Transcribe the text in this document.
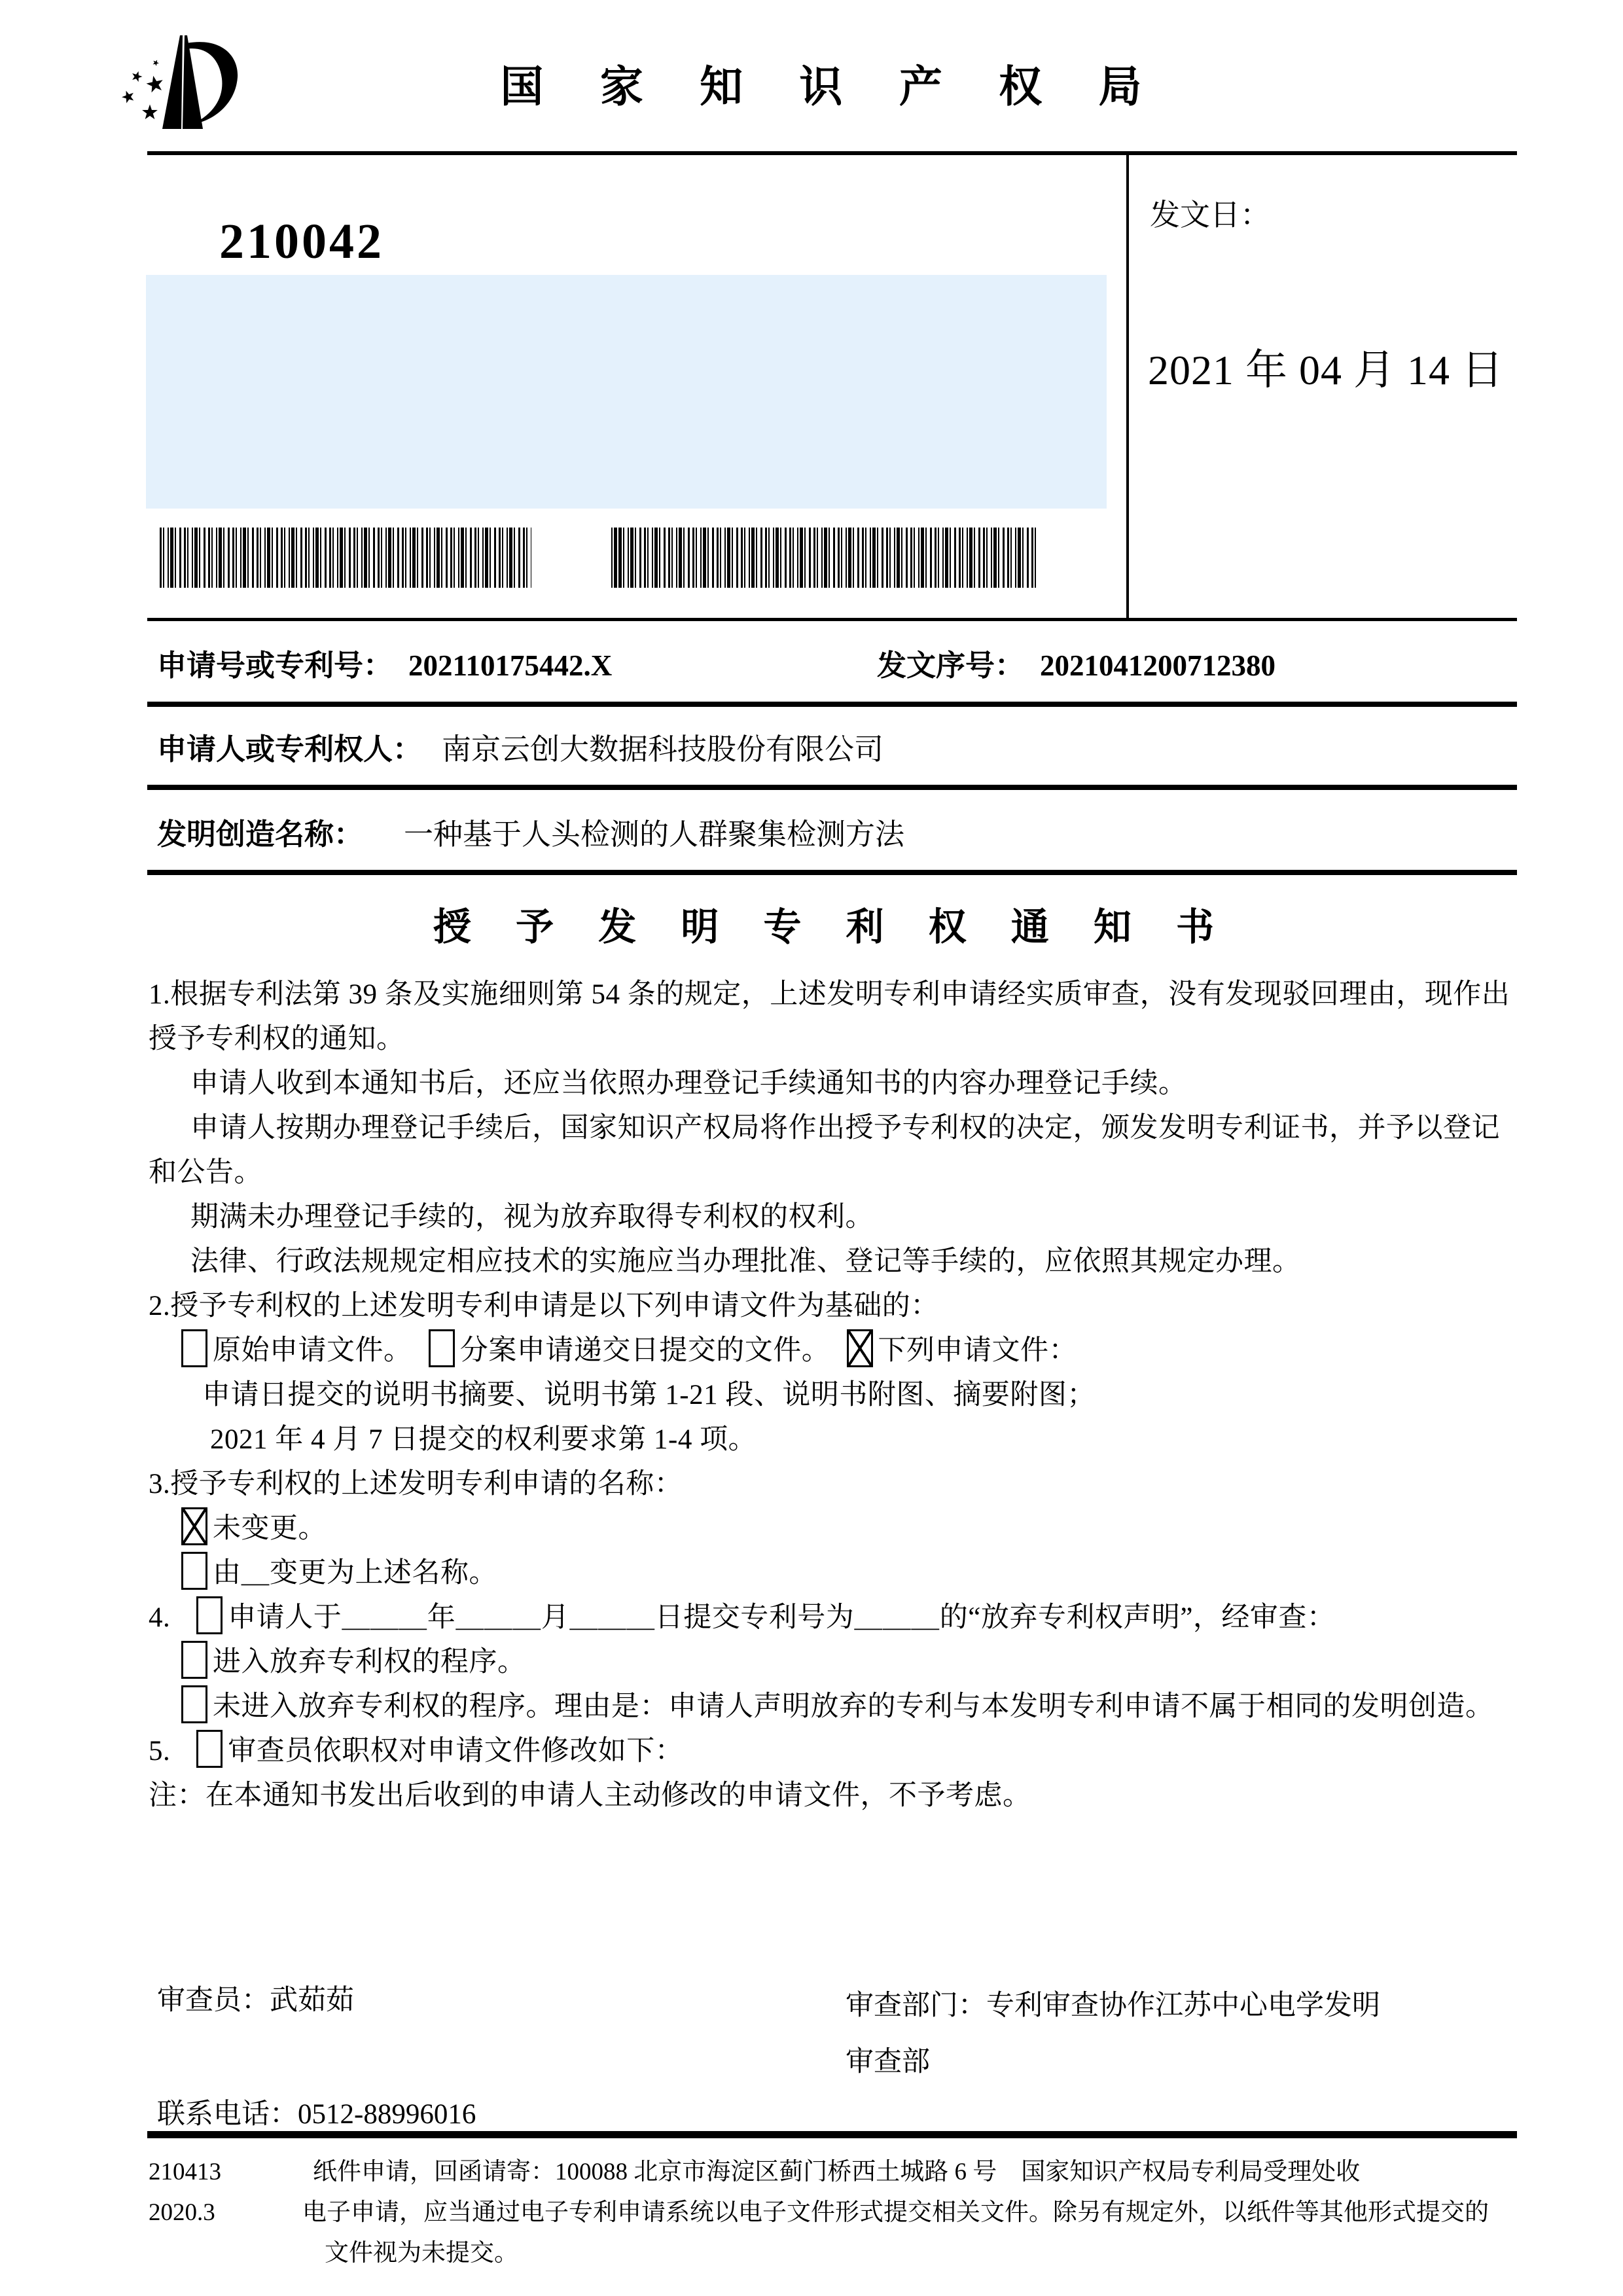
国 家 知 识 产 权 局
210042	发文日：
2021 年 04 月 14 日
申请号或专利号： 202110175442.X	发文序号： 2021041200712380
申请人或专利权人： 南京云创大数据科技股份有限公司
发明创造名称： 一种基于人头检测的人群聚集检测方法
授 予 发 明 专 利 权 通 知 书

1.根据专利法第 39 条及实施细则第 54 条的规定，上述发明专利申请经实质审查，没有发现驳回理由，现作出授予专利权的通知。

申请人收到本通知书后，还应当依照办理登记手续通知书的内容办理登记手续。

申请人按期办理登记手续后，国家知识产权局将作出授予专利权的决定，颁发发明专利证书，并予以登记和公告。

期满未办理登记手续的，视为放弃取得专利权的权利。

法律、行政法规规定相应技术的实施应当办理批准、登记等手续的，应依照其规定办理。

2.授予专利权的上述发明专利申请是以下列申请文件为基础的：

原始申请文件。 分案申请递交日提交的文件。 下列申请文件：

申请日提交的说明书摘要、说明书第 1-21 段、说明书附图、摘要附图；

2021 年 4 月 7 日提交的权利要求第 1-4 项。

3.授予专利权的上述发明专利申请的名称：

未变更。

由＿变更为上述名称。

4. 申请人于＿＿＿年＿＿＿月＿＿＿日提交专利号为＿＿＿的“放弃专利权声明”，经审查：

进入放弃专利权的程序。

未进入放弃专利权的程序。理由是：申请人声明放弃的专利与本发明专利申请不属于相同的发明创造。

5. 审查员依职权对申请文件修改如下：

注：在本通知书发出后收到的申请人主动修改的申请文件，不予考虑。

审查员：武茹茹	审查部门：专利审查协作江苏中心电学发明
审查部
联系电话：0512-88996016
210413
2020.3
纸件申请，回函请寄：100088 北京市海淀区蓟门桥西土城路 6 号　国家知识产权局专利局受理处收
电子申请，应当通过电子专利申请系统以电子文件形式提交相关文件。除另有规定外，以纸件等其他形式提交的
文件视为未提交。
